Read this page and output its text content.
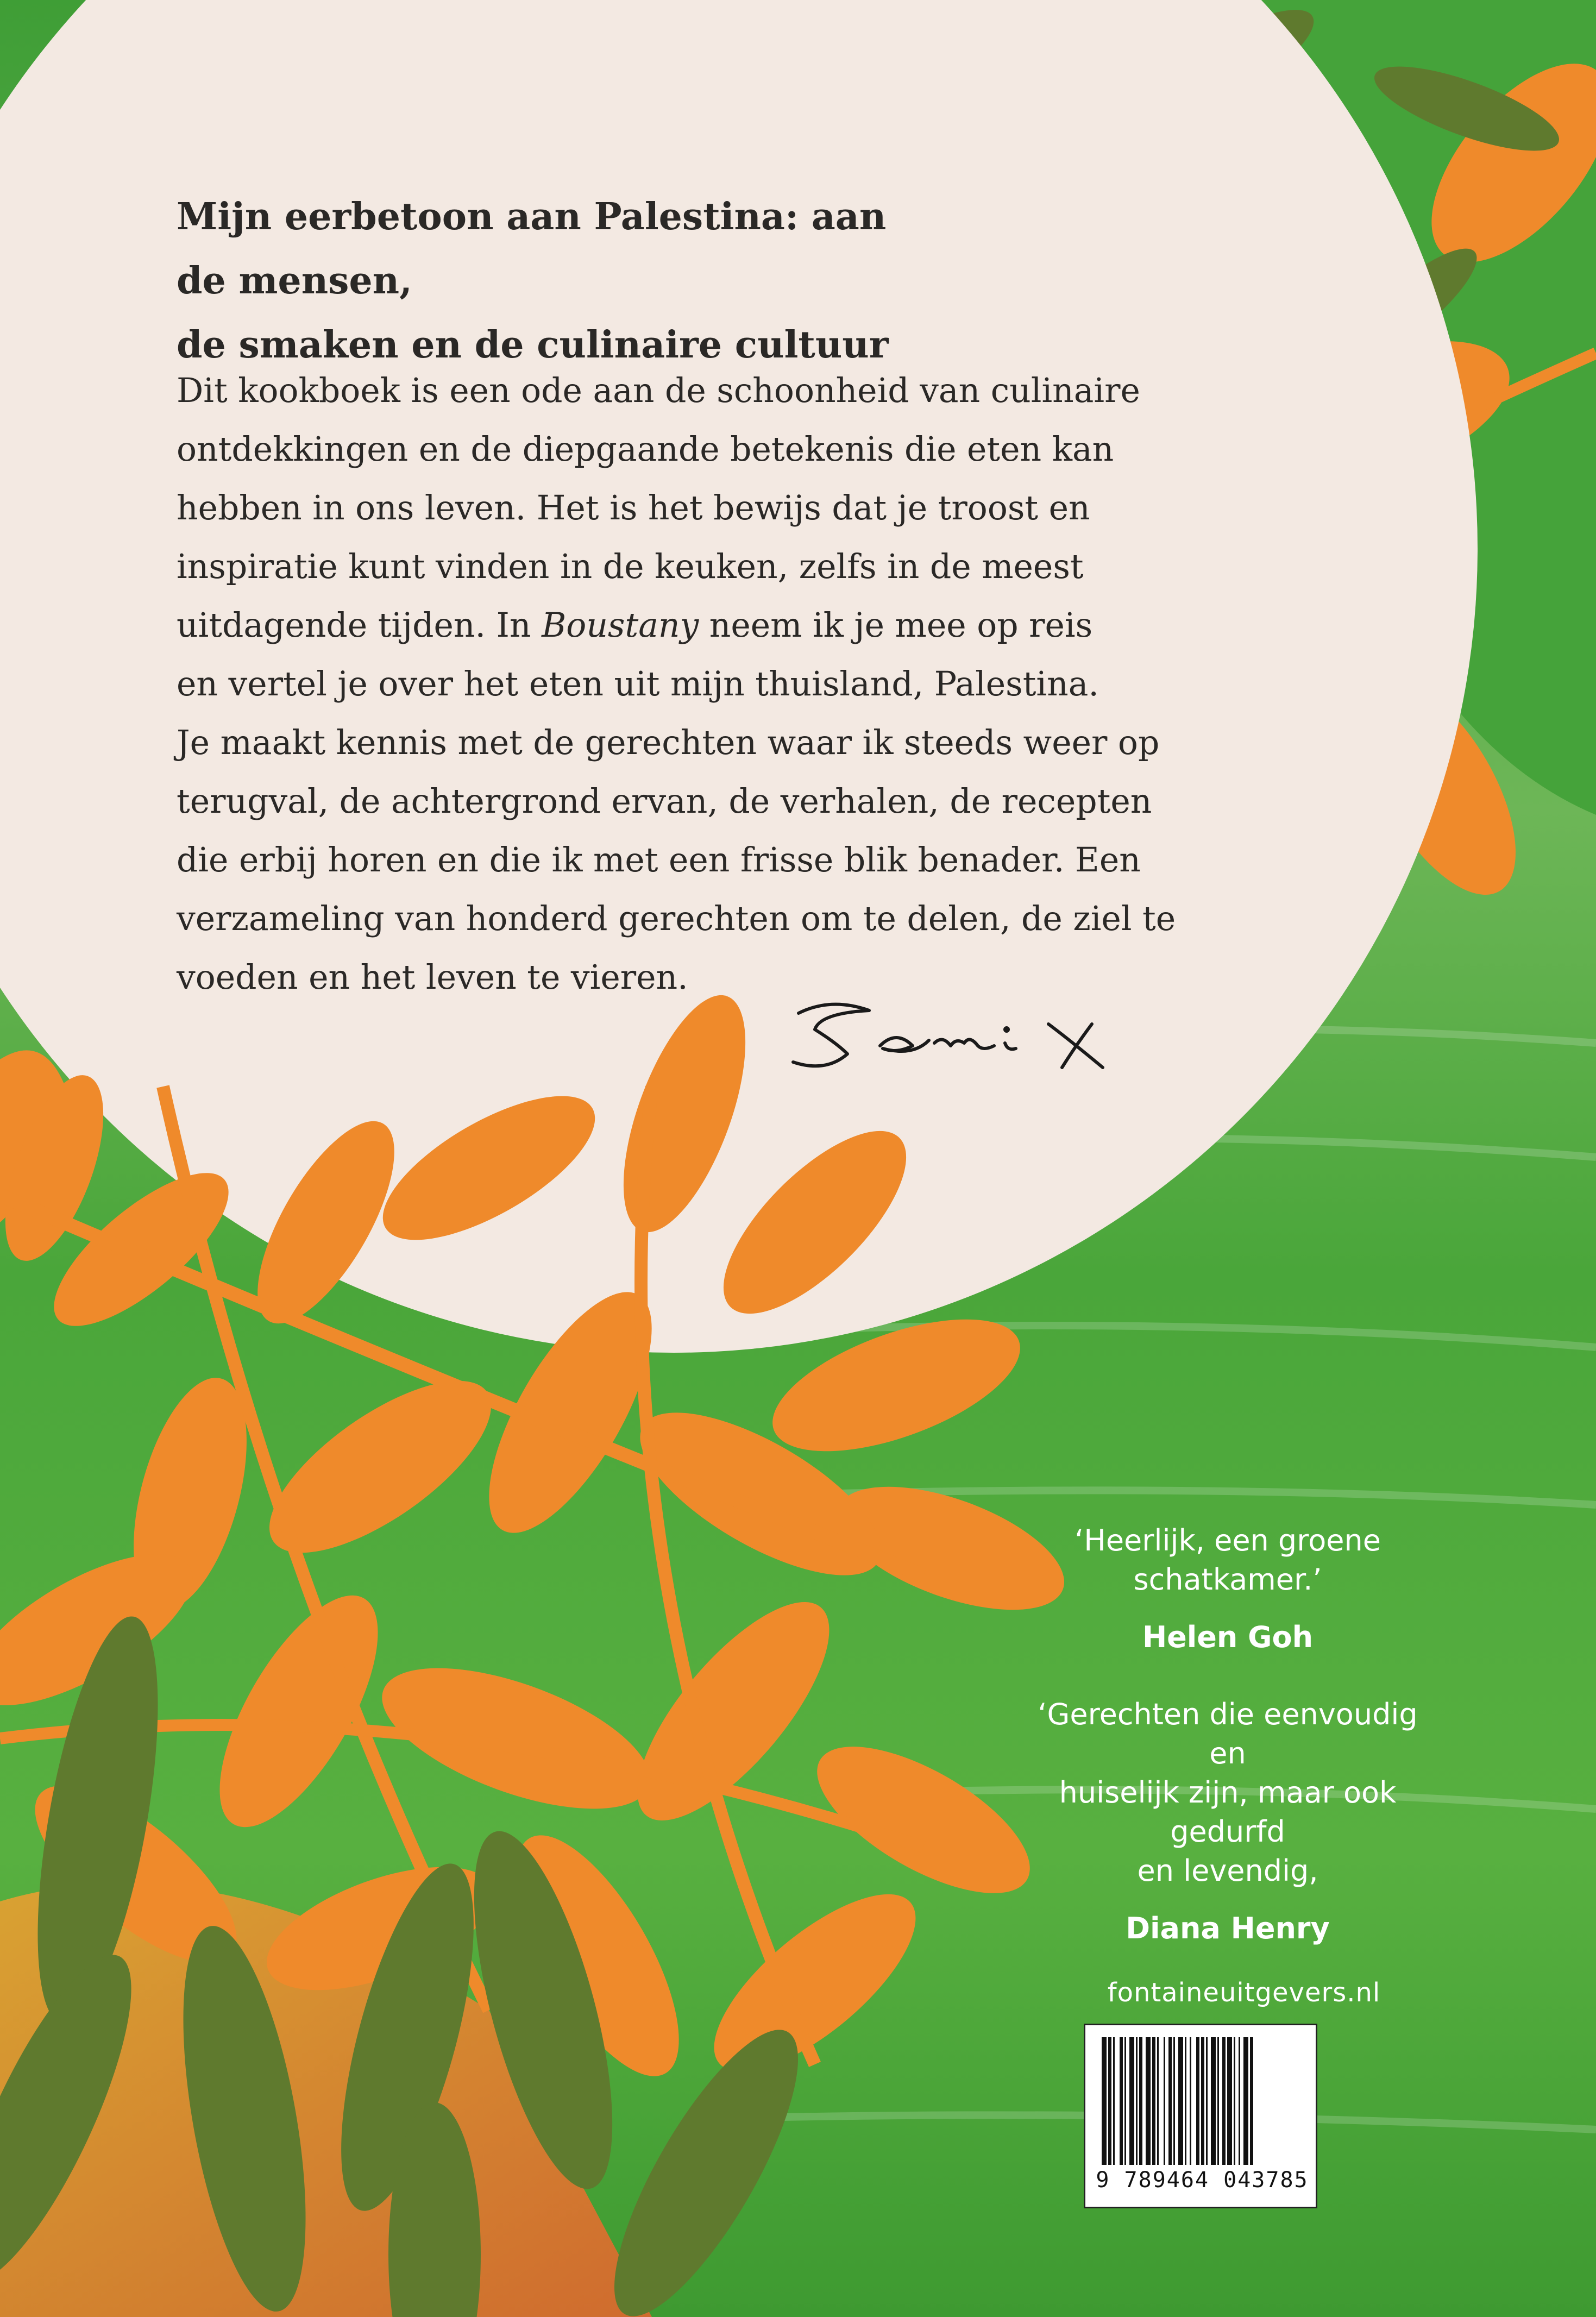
Mijn eerbetoon aan Palestina: aan de mensen,
de smaken en de culinaire cultuur

Dit kookboek is een ode aan de schoonheid van culinaire
ontdekkingen en de diepgaande betekenis die eten kan
hebben in ons leven. Het is het bewijs dat je troost en
inspiratie kunt vinden in de keuken, zelfs in de meest
uitdagende tijden. In Boustany neem ik je mee op reis
en vertel je over het eten uit mijn thuisland, Palestina.
Je maakt kennis met de gerechten waar ik steeds weer op
terugval, de achtergrond ervan, de verhalen, de recepten
die erbij horen en die ik met een frisse blik benader. Een
verzameling van honderd gerechten om te delen, de ziel te
voeden en het leven te vieren.

‘Heerlijk, een groene
schatkamer.’

Helen Goh

‘Gerechten die eenvoudig en
huiselijk zijn, maar ook gedurfd
en levendig,

Diana Henry

fontaineuitgevers.nl
9 789464 043785
